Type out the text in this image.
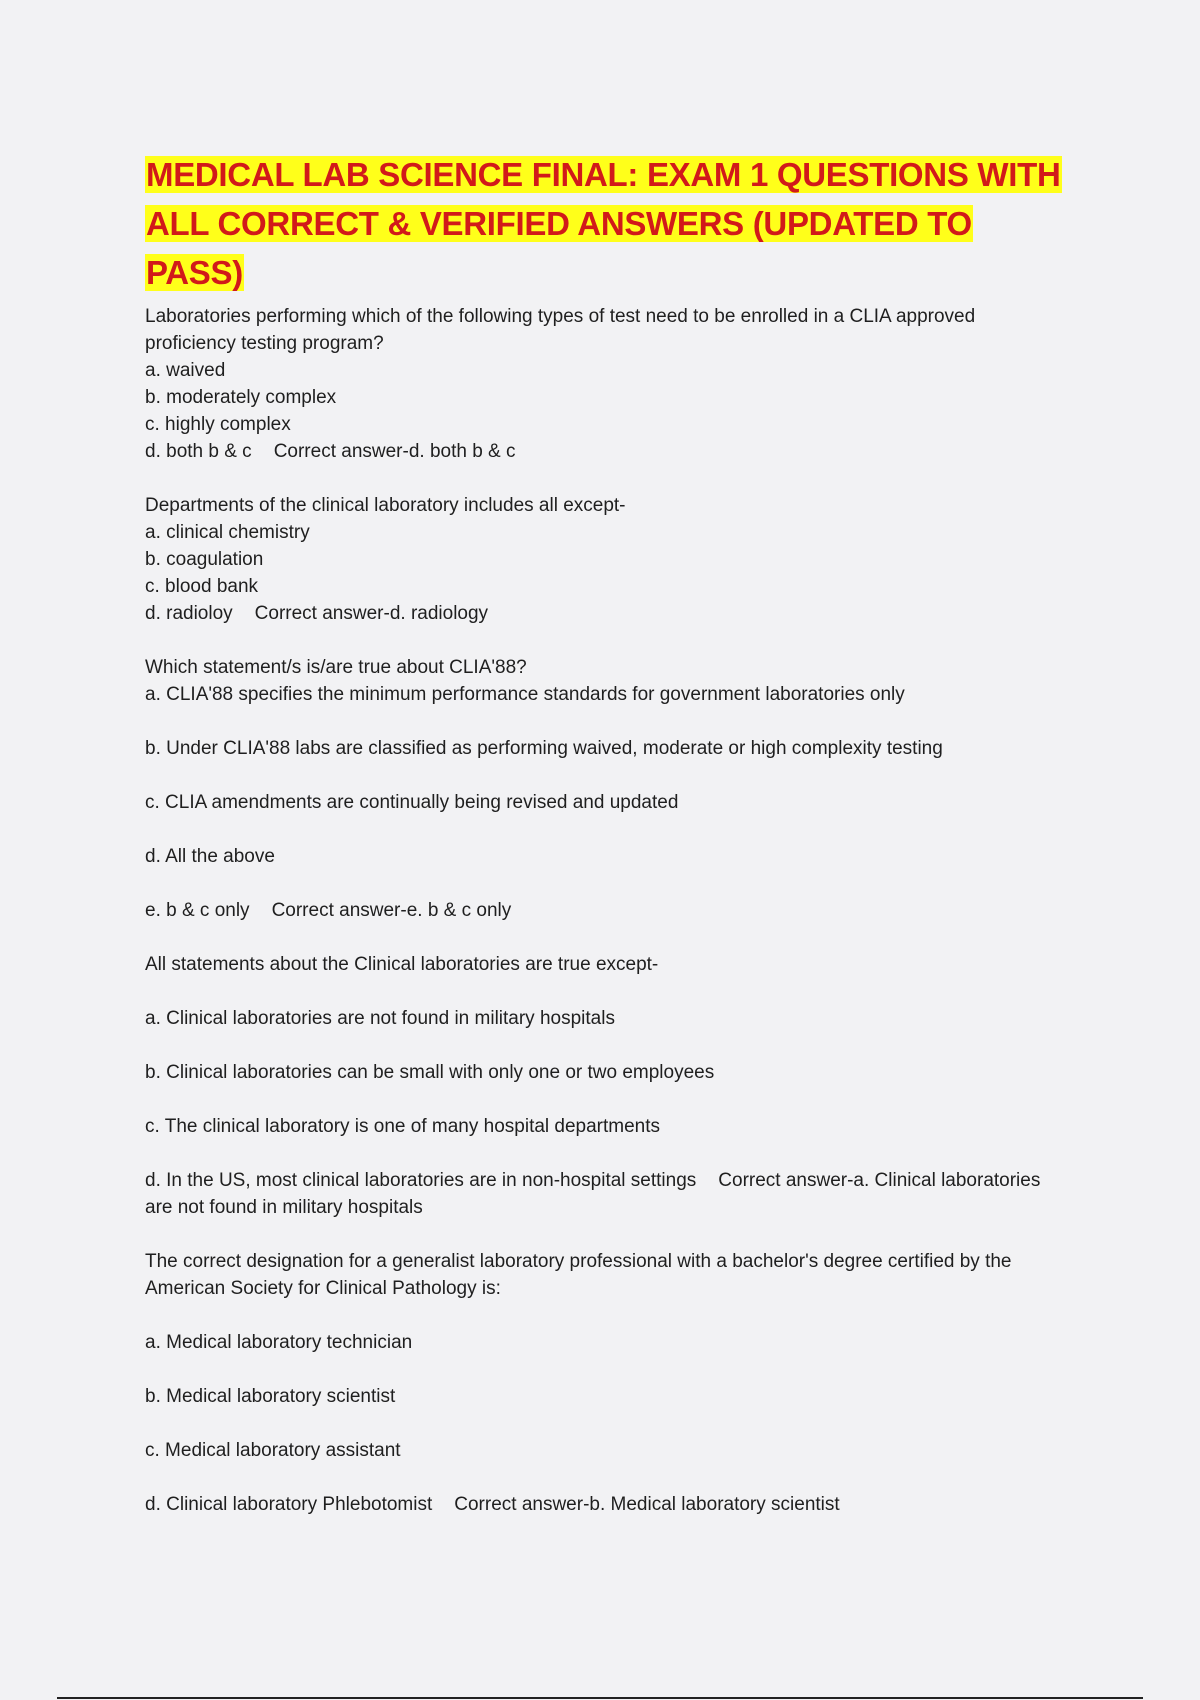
MEDICAL LAB SCIENCE FINAL: EXAM 1 QUESTIONS WITH ALL CORRECT & VERIFIED ANSWERS (UPDATED TO PASS)

Laboratories performing which of the following types of test need to be enrolled in a CLIA approved proficiency testing program?

a. waived

b. moderately complex

c. highly complex

d. both b & c Correct answer-d. both b & c

Departments of the clinical laboratory includes all except-

a. clinical chemistry

b. coagulation

c. blood bank

d. radioloy Correct answer-d. radiology

Which statement/s is/are true about CLIA'88?

a. CLIA'88 specifies the minimum performance standards for government laboratories only

b. Under CLIA'88 labs are classified as performing waived, moderate or high complexity testing

c. CLIA amendments are continually being revised and updated

d. All the above

e. b & c only Correct answer-e. b & c only

All statements about the Clinical laboratories are true except-

a. Clinical laboratories are not found in military hospitals

b. Clinical laboratories can be small with only one or two employees

c. The clinical laboratory is one of many hospital departments

d. In the US, most clinical laboratories are in non-hospital settings Correct answer-a. Clinical laboratories are not found in military hospitals

The correct designation for a generalist laboratory professional with a bachelor's degree certified by the American Society for Clinical Pathology is:

a. Medical laboratory technician

b. Medical laboratory scientist

c. Medical laboratory assistant

d. Clinical laboratory Phlebotomist Correct answer-b. Medical laboratory scientist
